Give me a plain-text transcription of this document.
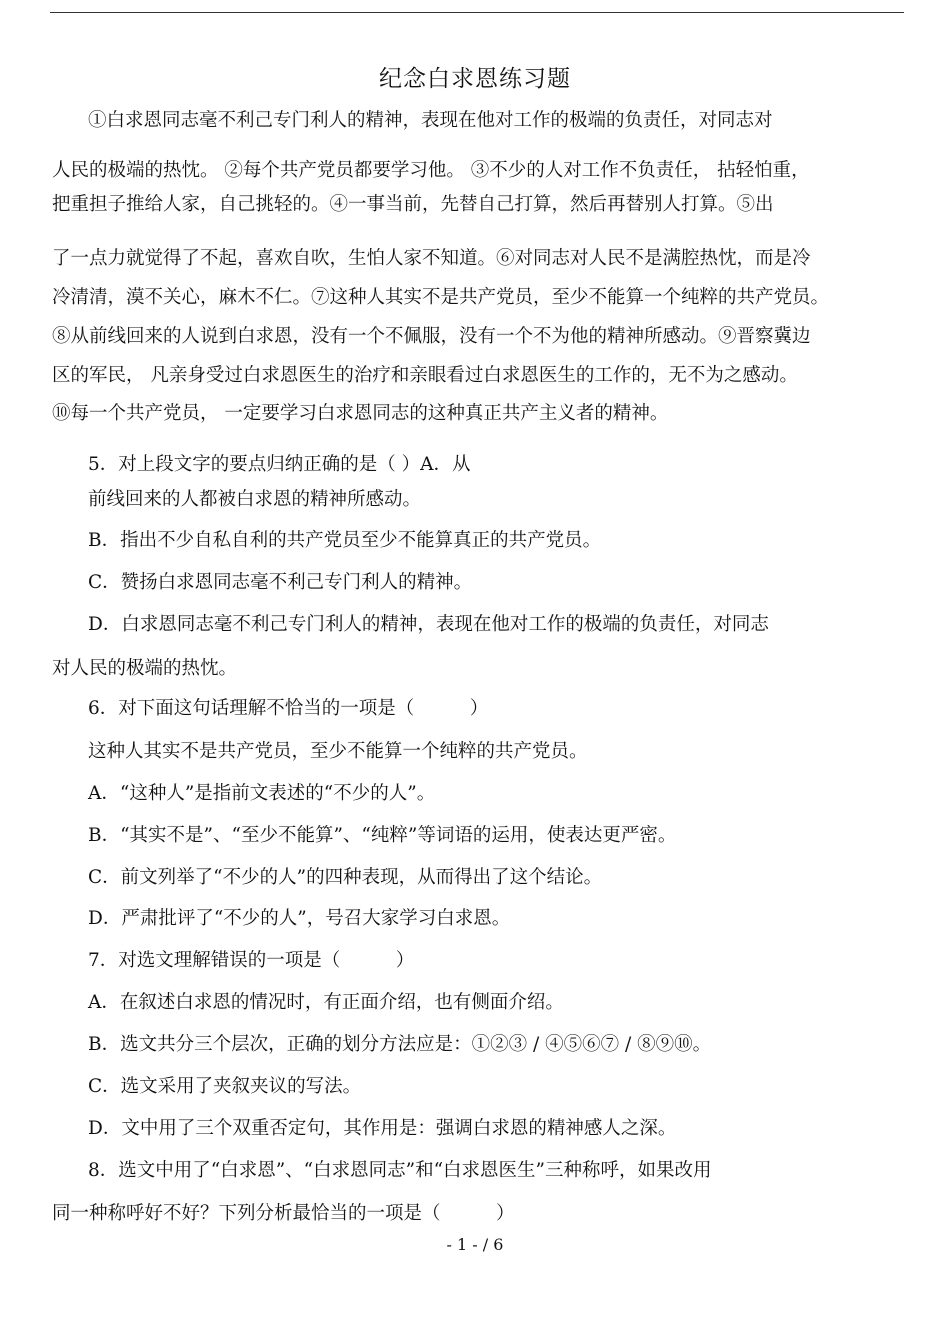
纪念白求恩练习题
①白求恩同志毫不利己专门利人的精神，表现在他对工作的极端的负责任，对同志对
人民的极端的热忱。 ②每个共产党员都要学习他。 ③不少的人对工作不负责任， 拈轻怕重，
把重担子推给人家，自己挑轻的。④一事当前，先替自己打算，然后再替别人打算。⑤出
了一点力就觉得了不起，喜欢自吹，生怕人家不知道。⑥对同志对人民不是满腔热忱，而是冷
冷清清，漠不关心，麻木不仁。⑦这种人其实不是共产党员，至少不能算一个纯粹的共产党员。
⑧从前线回来的人说到白求恩，没有一个不佩服，没有一个不为他的精神所感动。⑨晋察冀边
区的军民， 凡亲身受过白求恩医生的治疗和亲眼看过白求恩医生的工作的，无不为之感动。
⑩每一个共产党员， 一定要学习白求恩同志的这种真正共产主义者的精神。
5．对上段文字的要点归纳正确的是（ ）A．从
前线回来的人都被白求恩的精神所感动。
B．指出不少自私自利的共产党员至少不能算真正的共产党员。
C．赞扬白求恩同志毫不利己专门利人的精神。
D．白求恩同志毫不利己专门利人的精神，表现在他对工作的极端的负责任，对同志
对人民的极端的热忱。
6．对下面这句话理解不恰当的一项是（　　　）
这种人其实不是共产党员，至少不能算一个纯粹的共产党员。
A．“这种人”是指前文表述的“不少的人”。
B．“其实不是”、“至少不能算”、“纯粹”等词语的运用，使表达更严密。
C．前文列举了“不少的人”的四种表现，从而得出了这个结论。
D．严肃批评了“不少的人”，号召大家学习白求恩。
7．对选文理解错误的一项是（　　　）
A．在叙述白求恩的情况时，有正面介绍，也有侧面介绍。
B．选文共分三个层次，正确的划分方法应是：①②③ / ④⑤⑥⑦ / ⑧⑨⑩。
C．选文采用了夹叙夹议的写法。
D．文中用了三个双重否定句，其作用是：强调白求恩的精神感人之深。
8．选文中用了“白求恩”、“白求恩同志”和“白求恩医生”三种称呼，如果改用
同一种称呼好不好？下列分析最恰当的一项是（　　　）
- 1 - / 6
